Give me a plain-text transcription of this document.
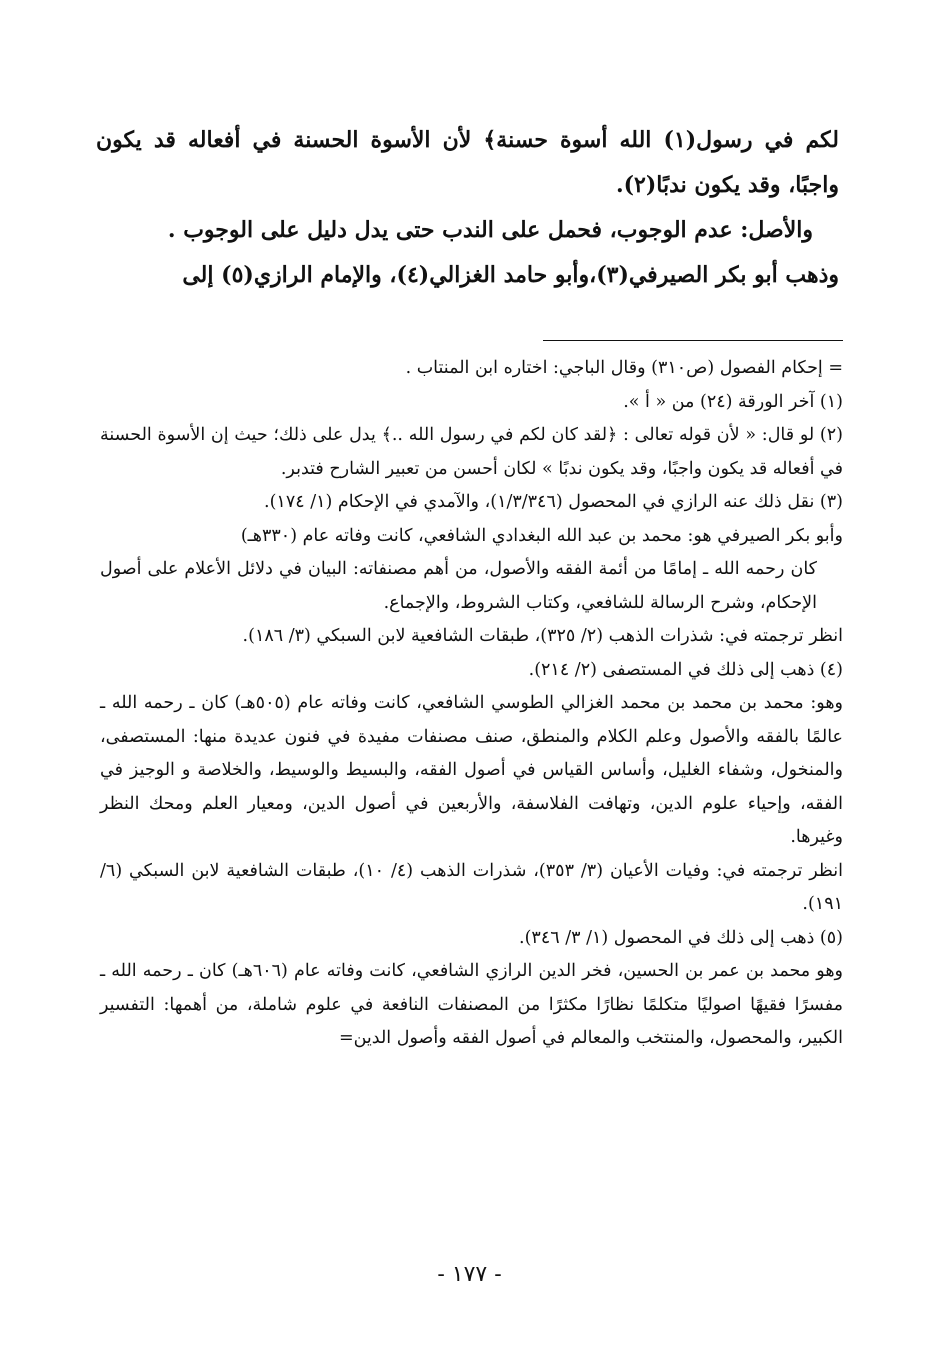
لكم في رسول(١) الله أسوة حسنة﴾ لأن الأسوة الحسنة في أفعاله قد يكون واجبًا، وقد يكون ندبًا(٢).

والأصل: عدم الوجوب، فحمل على الندب حتى يدل دليل على الوجوب .

وذهب أبو بكر الصيرفي(٣)،وأبو حامد الغزالي(٤)، والإمام الرازي(٥) إلى

= إحكام الفصول (ص٣١٠) وقال الباجي: اختاره ابن المنتاب .

(١) آخر الورقة (٢٤) من « أ ».

(٢) لو قال: « لأن قوله تعالى : ﴿لقد كان لكم في رسول الله ..﴾ يدل على ذلك؛ حيث إن الأسوة الحسنة في أفعاله قد يكون واجبًا، وقد يكون ندبًا » لكان أحسن من تعبير الشارح فتدبر.

(٣) نقل ذلك عنه الرازي في المحصول (١/٣/٣٤٦)، والآمدي في الإحكام (١/ ١٧٤).

وأبو بكر الصيرفي هو: محمد بن عبد الله البغدادي الشافعي، كانت وفاته عام (٣٣٠هـ)

كان رحمه الله ـ إمامًا من أئمة الفقه والأصول، من أهم مصنفاته: البيان في دلائل الأعلام على أصول الإحكام، وشرح الرسالة للشافعي، وكتاب الشروط، والإجماع.

انظر ترجمته في: شذرات الذهب (٢/ ٣٢٥)، طبقات الشافعية لابن السبكي (٣/ ١٨٦).

(٤) ذهب إلى ذلك في المستصفى (٢/ ٢١٤).

وهو: محمد بن محمد بن محمد الغزالي الطوسي الشافعي، كانت وفاته عام (٥٠٥هـ) كان ـ رحمه الله ـ عالمًا بالفقه والأصول وعلم الكلام والمنطق، صنف مصنفات مفيدة في فنون عديدة منها: المستصفى، والمنخول، وشفاء الغليل، وأساس القياس في أصول الفقه، والبسيط والوسيط، والخلاصة و الوجيز في الفقه، وإحياء علوم الدين، وتهافت الفلاسفة، والأربعين في أصول الدين، ومعيار العلم ومحك النظر وغيرها.

انظر ترجمته في: وفيات الأعيان (٣/ ٣٥٣)، شذرات الذهب (٤/ ١٠)، طبقات الشافعية لابن السبكي (٦/ ١٩١).

(٥) ذهب إلى ذلك في المحصول (١/ ٣/ ٣٤٦).

وهو محمد بن عمر بن الحسين، فخر الدين الرازي الشافعي، كانت وفاته عام (٦٠٦هـ) كان ـ رحمه الله ـ مفسرًا فقيهًا اصوليًا متكلمًا نظارًا مكثرًا من المصنفات النافعة في علوم شاملة، من أهمها: التفسير الكبير، والمحصول، والمنتخب والمعالم في أصول الفقه وأصول الدين=

- ١٧٧ -
